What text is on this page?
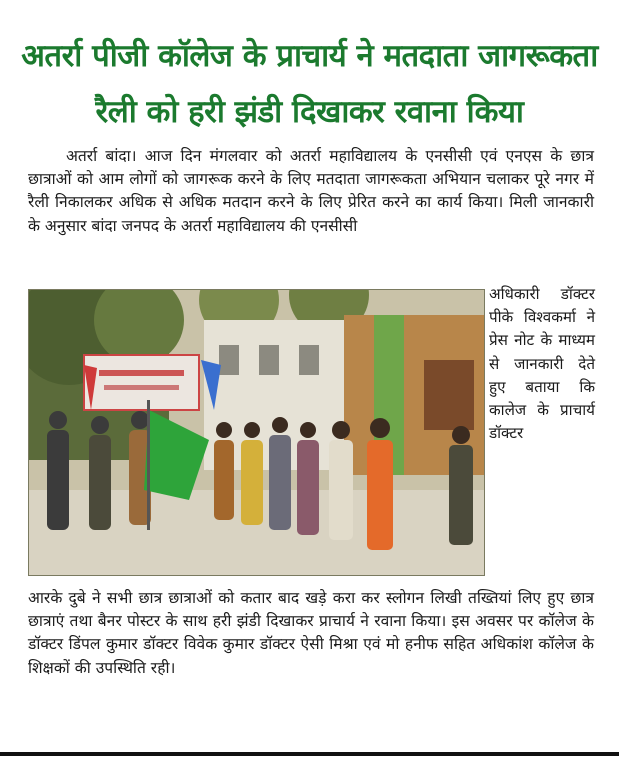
अतर्रा पीजी कॉलेज के प्राचार्य ने मतदाता जागरूकता
रैली को हरी झंडी दिखाकर रवाना किया

अतर्रा बांदा। आज दिन मंगलवार को अतर्रा महाविद्यालय के एनसीसी एवं एनएस के छात्र छात्राओं को आम लोगों को जागरूक करने के लिए मतदाता जागरूकता अभियान चलाकर पूरे नगर में रैली निकालकर अधिक से अधिक मतदान करने के लिए प्रेरित करने का कार्य किया। मिली जानकारी के अनुसार बांदा जनपद के अतर्रा महाविद्यालय की एनसीसी

अधिकारी डॉक्टर पीके विश्वकर्मा ने प्रेस नोट के माध्यम से जानकारी देते हुए बताया कि कालेज के प्राचार्य डॉक्टर

आरके दुबे ने सभी छात्र छात्राओं को कतार बाद खड़े करा कर स्लोगन लिखी तख्तियां लिए हुए छात्र छात्राएं तथा बैनर पोस्टर के साथ हरी झंडी दिखाकर प्राचार्य ने रवाना किया। इस अवसर पर कॉलेज के डॉक्टर डिंपल कुमार डॉक्टर विवेक कुमार डॉक्टर ऐसी मिश्रा एवं मो हनीफ सहित अधिकांश कॉलेज के शिक्षकों की उपस्थिति रही।
